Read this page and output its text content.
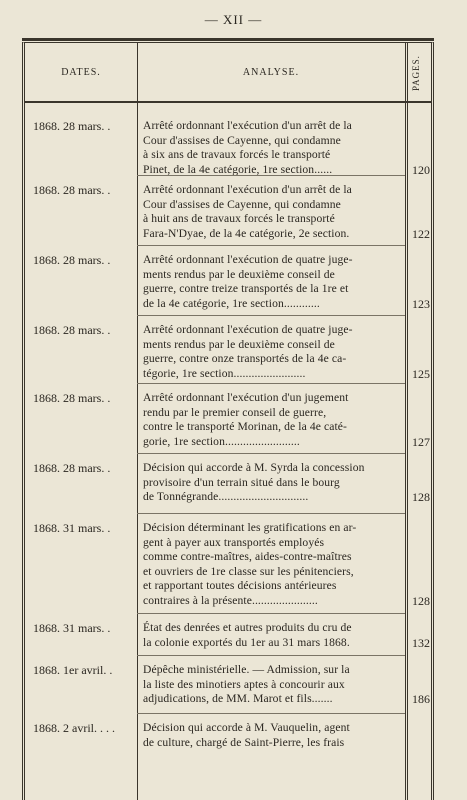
— XII —
DATES.	ANALYSE.	PAGES.
1868. 28 mars. .	Arrêté ordonnant l'exécution d'un arrêt de la
Cour d'assises de Cayenne, qui condamne
à six ans de travaux forcés le transporté
Pinet, de la 4e catégorie, 1re section......	120
1868. 28 mars. .	Arrêté ordonnant l'exécution d'un arrêt de la
Cour d'assises de Cayenne, qui condamne
à huit ans de travaux forcés le transporté
Fara-N'Dyae, de la 4e catégorie, 2e section.	122
1868. 28 mars. .	Arrêté ordonnant l'exécution de quatre juge-
ments rendus par le deuxième conseil de
guerre, contre treize transportés de la 1re et
de la 4e catégorie, 1re section............	123
1868. 28 mars. .	Arrêté ordonnant l'exécution de quatre juge-
ments rendus par le deuxième conseil de
guerre, contre onze transportés de la 4e ca-
tégorie, 1re section........................	125
1868. 28 mars. .	Arrêté ordonnant l'exécution d'un jugement
rendu par le premier conseil de guerre,
contre le transporté Morinan, de la 4e caté-
gorie, 1re section.........................	127
1868. 28 mars. .	Décision qui accorde à M. Syrda la concession
provisoire d'un terrain situé dans le bourg
de Tonnégrande..............................	128
1868. 31 mars. .	Décision déterminant les gratifications en ar-
gent à payer aux transportés employés
comme contre-maîtres, aides-contre-maîtres
et ouvriers de 1re classe sur les pénitenciers,
et rapportant toutes décisions antérieures
contraires à la présente......................	128
1868. 31 mars. .	État des denrées et autres produits du cru de
la colonie exportés du 1er au 31 mars 1868.	132
1868. 1er avril. .	Dépêche ministérielle. — Admission, sur la
la liste des minotiers aptes à concourir aux
adjudications, de MM. Marot et fils.......	186
1868. 2 avril. . . .	Décision qui accorde à M. Vauquelin, agent
de culture, chargé de Saint-Pierre, les frais
